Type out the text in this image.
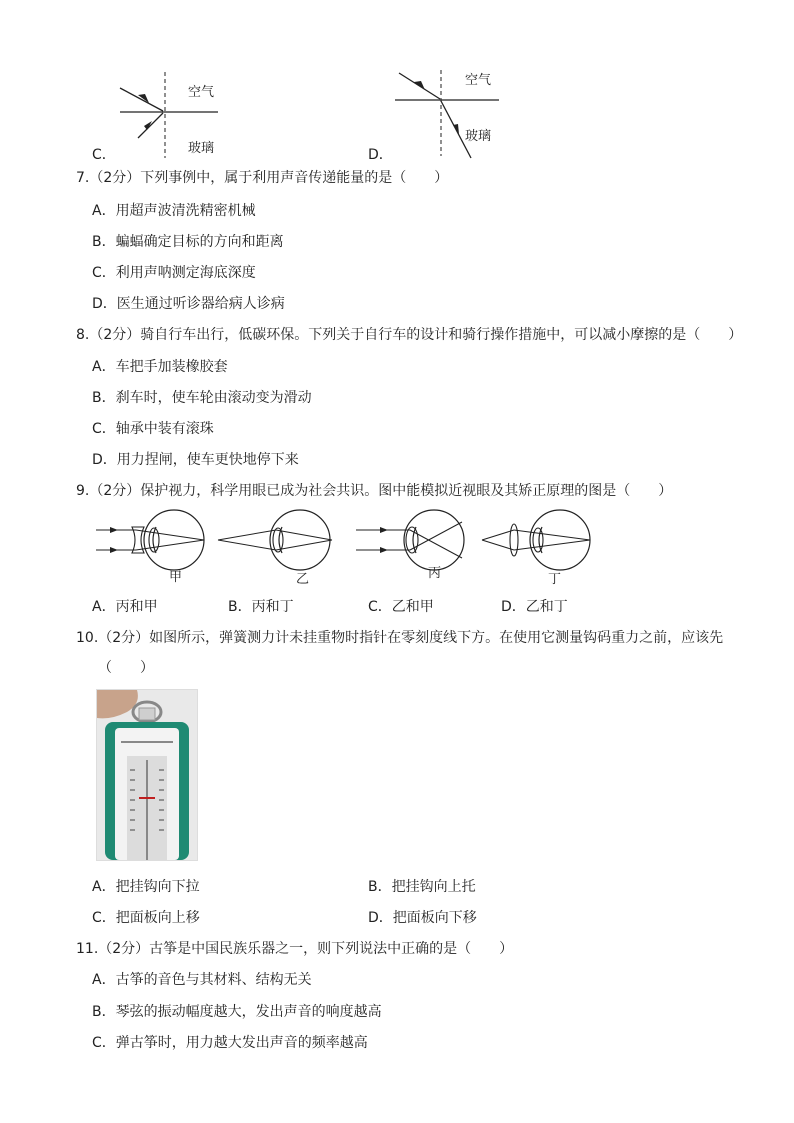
空气
玻璃
C．
空气
玻璃
D．
7.（2分）下列事例中，属于利用声音传递能量的是（　　）
A．用超声波清洗精密机械
B．蝙蝠确定目标的方向和距离
C．利用声呐测定海底深度
D．医生通过听诊器给病人诊病
8.（2分）骑自行车出行，低碳环保。下列关于自行车的设计和骑行操作措施中，可以减小摩擦的是（　　）
A．车把手加装橡胶套
B．刹车时，使车轮由滚动变为滑动
C．轴承中装有滚珠
D．用力捏闸，使车更快地停下来
9.（2分）保护视力，科学用眼已成为社会共识。图中能模拟近视眼及其矫正原理的图是（　　）
甲	乙	丙	丁
A．丙和甲	B．丙和丁	C．乙和甲	D．乙和丁
10.（2分）如图所示，弹簧测力计未挂重物时指针在零刻度线下方。在使用它测量钩码重力之前，应该先
（　　）
A．把挂钩向下拉	B．把挂钩向上托
C．把面板向上移	D．把面板向下移
11.（2分）古筝是中国民族乐器之一，则下列说法中正确的是（　　）
A．古筝的音色与其材料、结构无关
B．琴弦的振动幅度越大，发出声音的响度越高
C．弹古筝时，用力越大发出声音的频率越高
